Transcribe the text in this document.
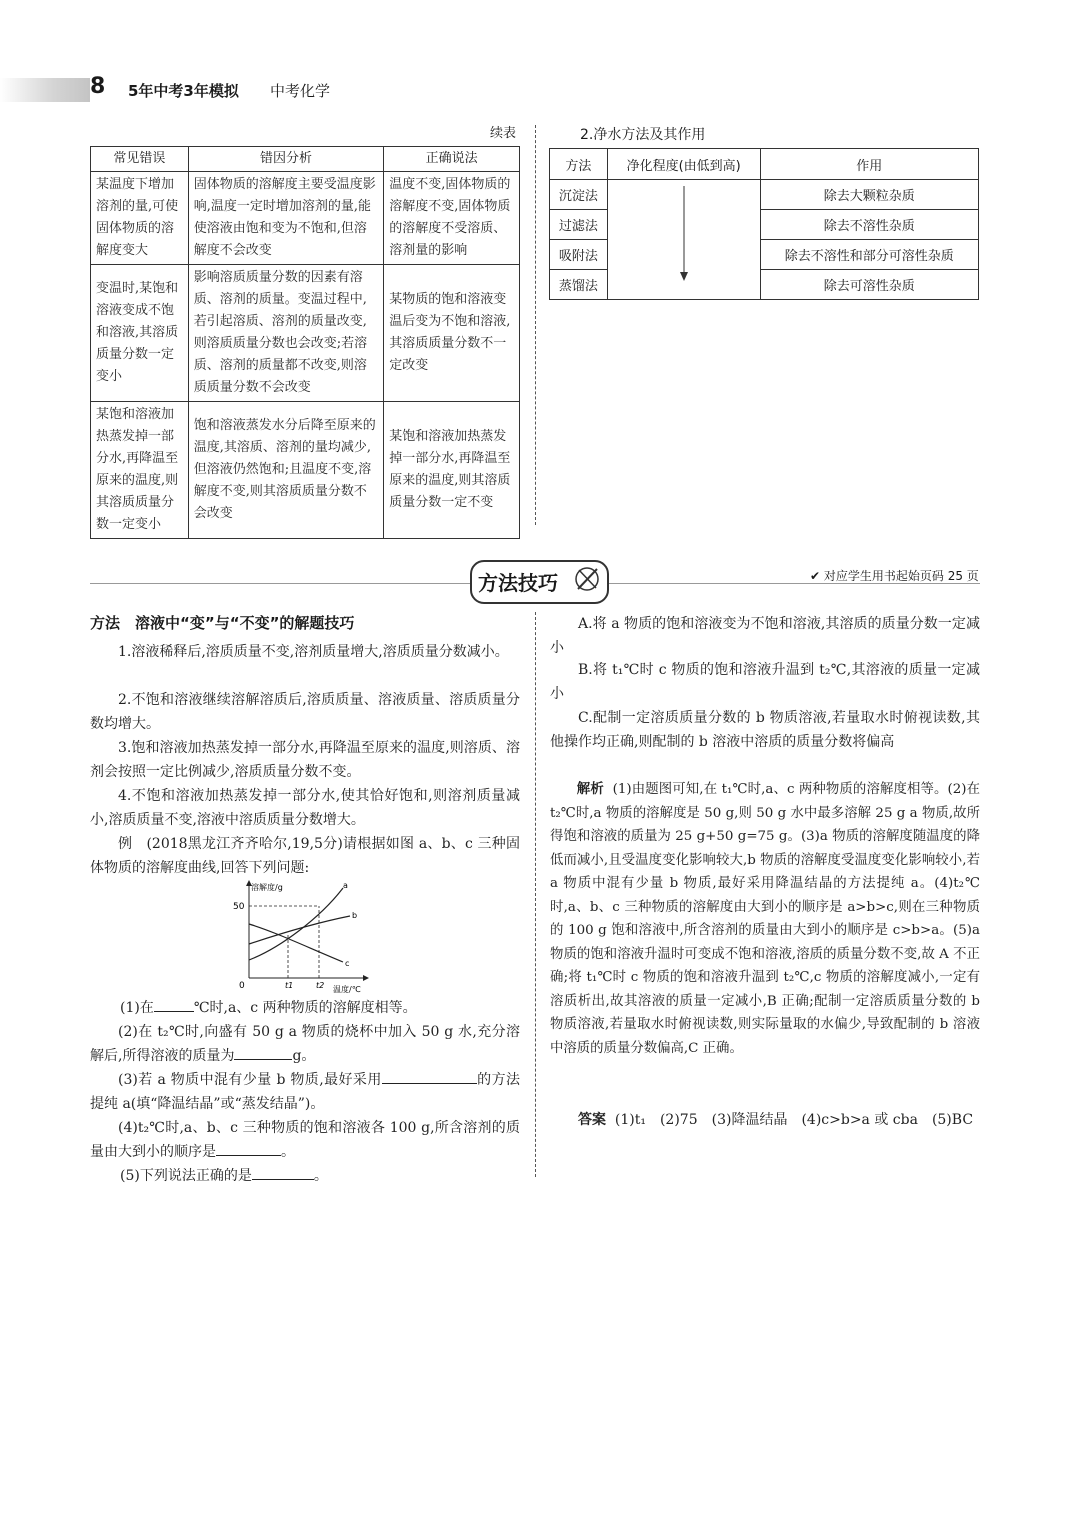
8 5年中考3年模拟 中考化学
续表
常见错误	错因分析	正确说法
某温度下增加溶剂的量,可使固体物质的溶解度变大	固体物质的溶解度主要受温度影响,温度一定时增加溶剂的量,能使溶液由饱和变为不饱和,但溶解度不会改变	温度不变,固体物质的溶解度不变,固体物质的溶解度不受溶质、溶剂量的影响
变温时,某饱和溶液变成不饱和溶液,其溶质质量分数一定变小	影响溶质质量分数的因素有溶质、溶剂的质量。变温过程中,若引起溶质、溶剂的质量改变,则溶质质量分数也会改变;若溶质、溶剂的质量都不改变,则溶质质量分数不会改变	某物质的饱和溶液变温后变为不饱和溶液,其溶质质量分数不一定改变
某饱和溶液加热蒸发掉一部分水,再降温至原来的温度,则其溶质质量分数一定变小	饱和溶液蒸发水分后降至原来的温度,其溶质、溶剂的量均减少,但溶液仍然饱和;且温度不变,溶解度不变,则其溶质质量分数不会改变	某饱和溶液加热蒸发掉一部分水,再降温至原来的温度,则其溶质质量分数一定不变
2.净水方法及其作用
方法	净化程度(由低到高)	作用
沉淀法		除去大颗粒杂质
过滤法		除去不溶性杂质
吸附法		除去不溶性和部分可溶性杂质
蒸馏法		除去可溶性杂质
方法技巧	✔ 对应学生用书起始页码 25 页
方法　溶液中“变”与“不变”的解题技巧
1.溶液稀释后,溶质质量不变,溶剂质量增大,溶质质量分数减小。
2.不饱和溶液继续溶解溶质后,溶质质量、溶液质量、溶质质量分数均增大。
3.饱和溶液加热蒸发掉一部分水,再降温至原来的温度,则溶质、溶剂会按照一定比例减少,溶质质量分数不变。
4.不饱和溶液加热蒸发掉一部分水,使其恰好饱和,则溶剂质量减小,溶质质量不变,溶液中溶质质量分数增大。
例　(2018黑龙江齐齐哈尔,19,5分)请根据如图 a、b、c 三种固体物质的溶解度曲线,回答下列问题:
溶解度/g
温度/℃
50
0	t1	t2
a
b
c
(1)在	℃时,a、c 两种物质的溶解度相等。
(2)在 t₂℃时,向盛有 50 g a 物质的烧杯中加入 50 g 水,充分溶解后,所得溶液的质量为	g。
(3)若 a 物质中混有少量 b 物质,最好采用	的方法提纯 a(填“降温结晶”或“蒸发结晶”)。
(4)t₂℃时,a、b、c 三种物质的饱和溶液各 100 g,所含溶剂的质量由大到小的顺序是	。
(5)下列说法正确的是	。
A.将 a 物质的饱和溶液变为不饱和溶液,其溶质的质量分数一定减小
B.将 t₁℃时 c 物质的饱和溶液升温到 t₂℃,其溶液的质量一定减小
C.配制一定溶质质量分数的 b 物质溶液,若量取水时俯视读数,其他操作均正确,则配制的 b 溶液中溶质的质量分数将偏高
解析 (1)由题图可知,在 t₁℃时,a、c 两种物质的溶解度相等。(2)在 t₂℃时,a 物质的溶解度是 50 g,则 50 g 水中最多溶解 25 g a 物质,故所得饱和溶液的质量为 25 g+50 g=75 g。(3)a 物质的溶解度随温度的降低而减小,且受温度变化影响较大,b 物质的溶解度受温度变化影响较小,若 a 物质中混有少量 b 物质,最好采用降温结晶的方法提纯 a。(4)t₂℃时,a、b、c 三种物质的溶解度由大到小的顺序是 a>b>c,则在三种物质的 100 g 饱和溶液中,所含溶剂的质量由大到小的顺序是 c>b>a。(5)a 物质的饱和溶液升温时可变成不饱和溶液,溶质的质量分数不变,故 A 不正确;将 t₁℃时 c 物质的饱和溶液升温到 t₂℃,c 物质的溶解度减小,一定有溶质析出,故其溶液的质量一定减小,B 正确;配制一定溶质质量分数的 b 物质溶液,若量取水时俯视读数,则实际量取的水偏少,导致配制的 b 溶液中溶质的质量分数偏高,C 正确。
答案 (1)t₁　(2)75　(3)降温结晶　(4)c>b>a 或 cba　(5)BC
